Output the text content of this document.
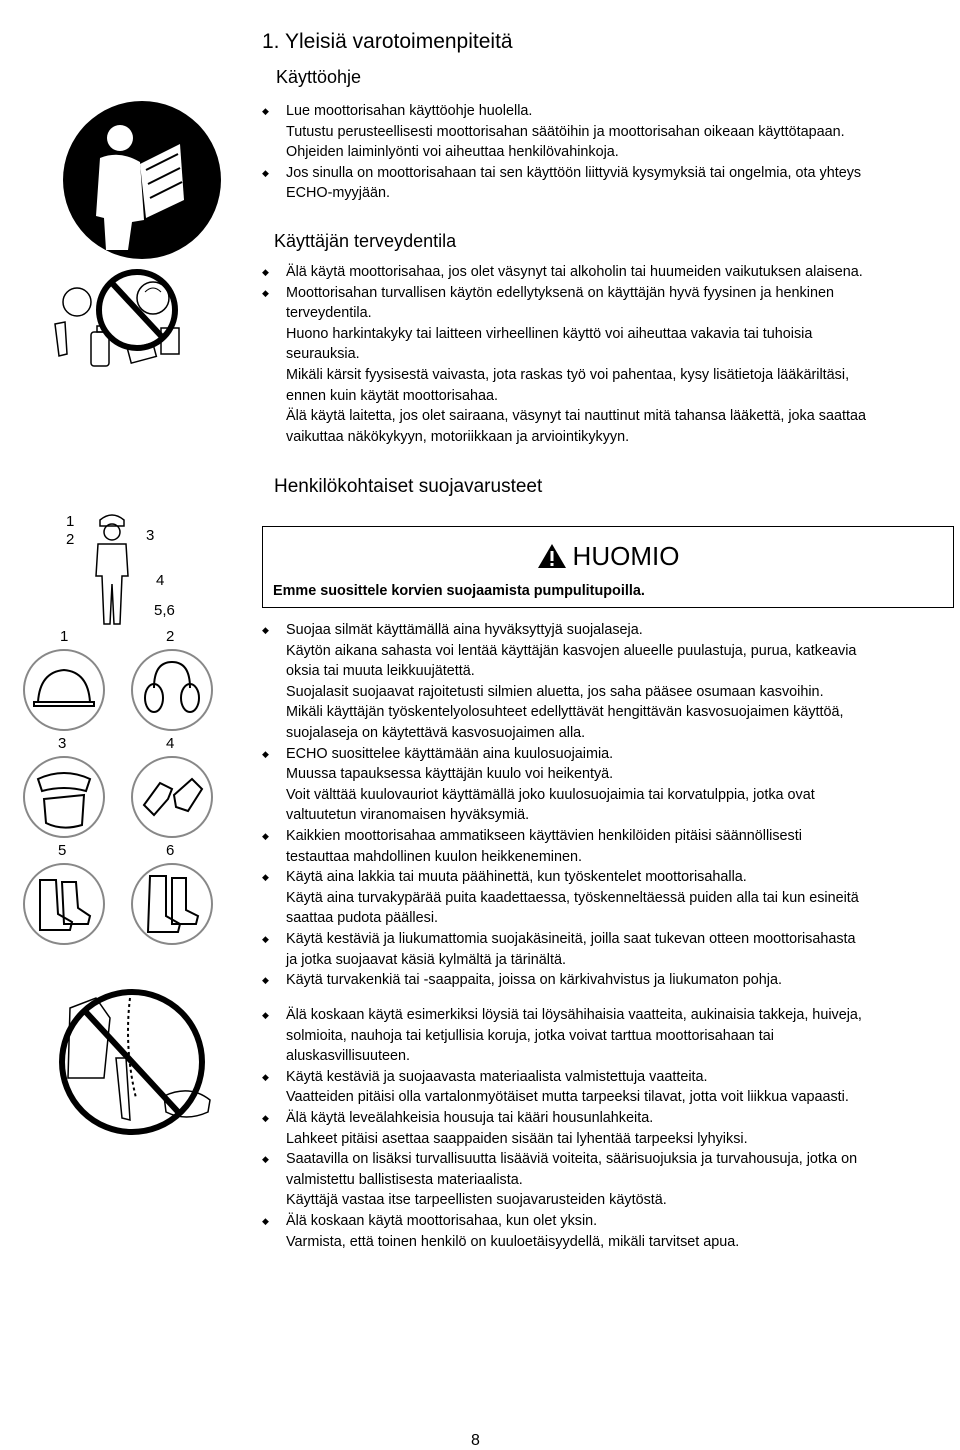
1. Yleisiä varotoimenpiteitä
Käyttöohje
◆ Lue moottorisahan käyttöohje huolella.
Tutustu perusteellisesti moottorisahan säätöihin ja moottorisahan oikeaan käyttötapaan.
Ohjeiden laiminlyönti voi aiheuttaa henkilövahinkoja.
◆ Jos sinulla on moottorisahaan tai sen käyttöön liittyviä kysymyksiä tai ongelmia, ota yhteys
ECHO-myyjään.
Käyttäjän terveydentila
◆ Älä käytä moottorisahaa, jos olet väsynyt tai alkoholin tai huumeiden vaikutuksen alaisena.
◆ Moottorisahan turvallisen käytön edellytyksenä on käyttäjän hyvä fyysinen ja henkinen
terveydentila.
Huono harkintakyky tai laitteen virheellinen käyttö voi aiheuttaa vakavia tai tuhoisia
seurauksia.
Mikäli kärsit fyysisestä vaivasta, jota raskas työ voi pahentaa, kysy lisätietoja lääkäriltäsi,
ennen kuin käytät moottorisahaa.
Älä käytä laitetta, jos olet sairaana, väsynyt tai nauttinut mitä tahansa lääkettä, joka saattaa
vaikuttaa näkökykyyn, motoriikkaan ja arviointikykyyn.
Henkilökohtaiset suojavarusteet
1
2	3
4
5,6
1	2
3	4
5	6
HUOMIO
Emme suosittele korvien suojaamista pumpulitupoilla.
◆ Suojaa silmät käyttämällä aina hyväksyttyjä suojalaseja.
Käytön aikana sahasta voi lentää käyttäjän kasvojen alueelle puulastuja, purua, katkeavia
oksia tai muuta leikkuujätettä.
Suojalasit suojaavat rajoitetusti silmien aluetta, jos saha pääsee osumaan kasvoihin.
Mikäli käyttäjän työskentelyolosuhteet edellyttävät hengittävän kasvosuojaimen käyttöä,
suojalaseja on käytettävä kasvosuojaimen alla.
◆ ECHO suosittelee käyttämään aina kuulosuojaimia.
Muussa tapauksessa käyttäjän kuulo voi heikentyä.
Voit välttää kuulovauriot käyttämällä joko kuulosuojaimia tai korvatulppia, jotka ovat
valtuutetun viranomaisen hyväksymiä.
◆ Kaikkien moottorisahaa ammatikseen käyttävien henkilöiden pitäisi säännöllisesti
testauttaa mahdollinen kuulon heikkeneminen.
◆ Käytä aina lakkia tai muuta päähinettä, kun työskentelet moottorisahalla.
Käytä aina turvakypärää puita kaadettaessa, työskenneltäessä puiden alla tai kun esineitä
saattaa pudota päällesi.
◆ Käytä kestäviä ja liukumattomia suojakäsineitä, joilla saat tukevan otteen moottorisahasta
ja jotka suojaavat käsiä kylmältä ja tärinältä.
◆ Käytä turvakenkiä tai -saappaita, joissa on kärkivahvistus ja liukumaton pohja.
◆ Älä koskaan käytä esimerkiksi löysiä tai löysähihaisia vaatteita, aukinaisia takkeja, huiveja,
solmioita, nauhoja tai ketjullisia koruja, jotka voivat tarttua moottorisahaan tai
aluskasvillisuuteen.
◆ Käytä kestäviä ja suojaavasta materiaalista valmistettuja vaatteita.
Vaatteiden pitäisi olla vartalonmyötäiset mutta tarpeeksi tilavat, jotta voit liikkua vapaasti.
◆ Älä käytä leveälahkeisia housuja tai kääri housunlahkeita.
Lahkeet pitäisi asettaa saappaiden sisään tai lyhentää tarpeeksi lyhyiksi.
◆ Saatavilla on lisäksi turvallisuutta lisääviä voiteita, säärisuojuksia ja turvahousuja, jotka on
valmistettu ballistisesta materiaalista.
Käyttäjä vastaa itse tarpeellisten suojavarusteiden käytöstä.
◆ Älä koskaan käytä moottorisahaa, kun olet yksin.
Varmista, että toinen henkilö on kuuloetäisyydellä, mikäli tarvitset apua.
8
